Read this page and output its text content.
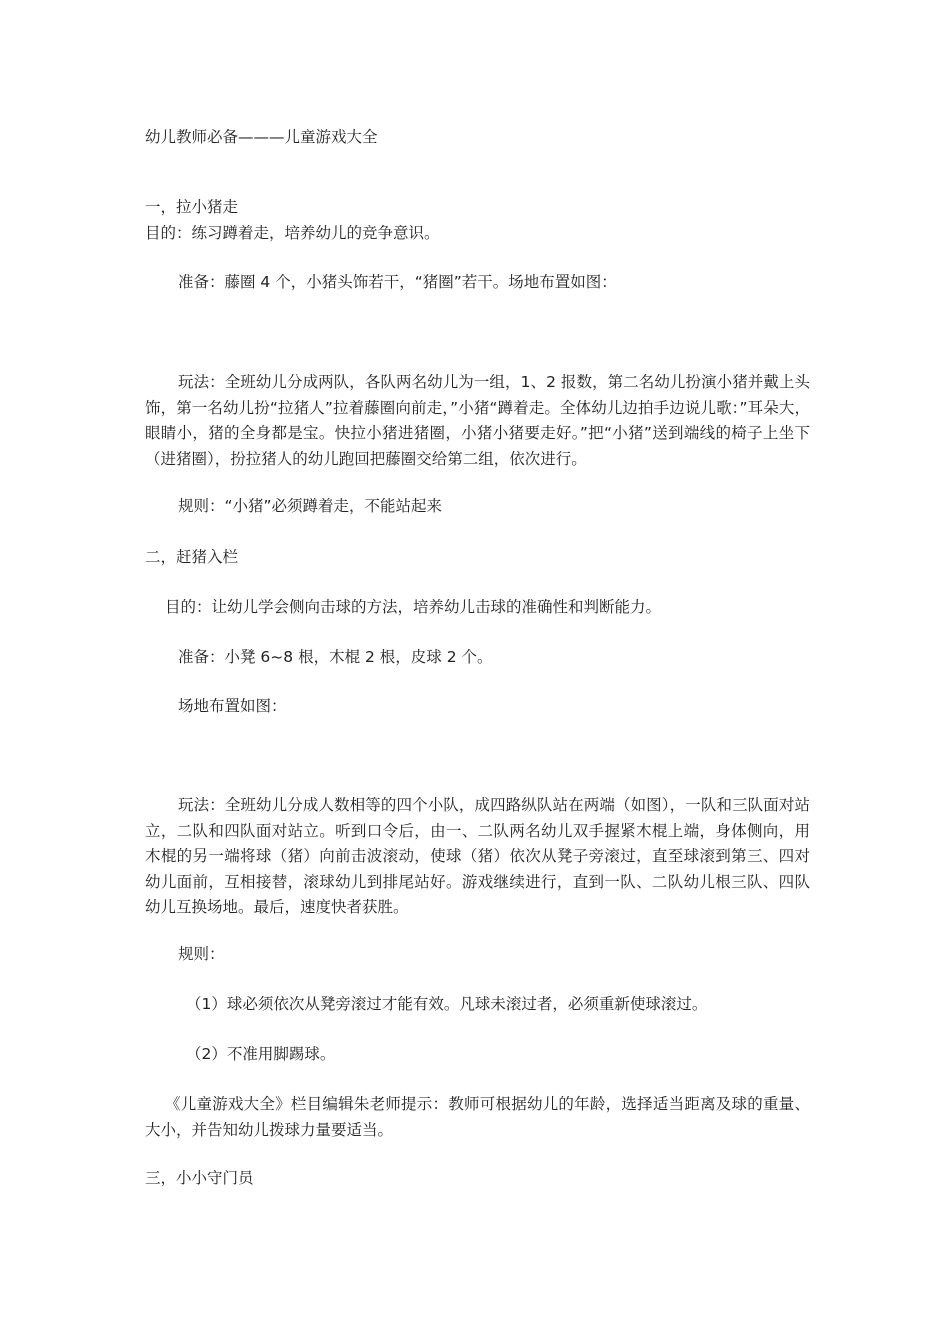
幼儿教师必备———儿童游戏大全
一，拉小猪走
目的：练习蹲着走，培养幼儿的竞争意识。
准备：藤圈 4 个，小猪头饰若干，“猪圈”若干。场地布置如图：
玩法：全班幼儿分成两队，各队两名幼儿为一组，1、2 报数，第二名幼儿扮演小猪并戴上头饰，第一名幼儿扮“拉猪人”拉着藤圈向前走，”小猪“蹲着走。全体幼儿边拍手边说儿歌：”耳朵大，眼睛小，猪的全身都是宝。快拉小猪进猪圈，小猪小猪要走好。”把“小猪”送到端线的椅子上坐下（进猪圈），扮拉猪人的幼儿跑回把藤圈交给第二组，依次进行。
规则：“小猪”必须蹲着走，不能站起来
二，赶猪入栏
目的：让幼儿学会侧向击球的方法，培养幼儿击球的准确性和判断能力。
准备：小凳 6~8 根，木棍 2 根，皮球 2 个。
场地布置如图：
玩法：全班幼儿分成人数相等的四个小队，成四路纵队站在两端（如图），一队和三队面对站立，二队和四队面对站立。听到口令后，由一、二队两名幼儿双手握紧木棍上端，身体侧向，用木棍的另一端将球（猪）向前击波滚动，使球（猪）依次从凳子旁滚过，直至球滚到第三、四对幼儿面前，互相接替，滚球幼儿到排尾站好。游戏继续进行，直到一队、二队幼儿根三队、四队幼儿互换场地。最后，速度快者获胜。
规则：
（1）球必须依次从凳旁滚过才能有效。凡球未滚过者，必须重新使球滚过。
（2）不准用脚踢球。
《儿童游戏大全》栏目编辑朱老师提示：教师可根据幼儿的年龄，选择适当距离及球的重量、大小，并告知幼儿拨球力量要适当。
三，小小守门员
